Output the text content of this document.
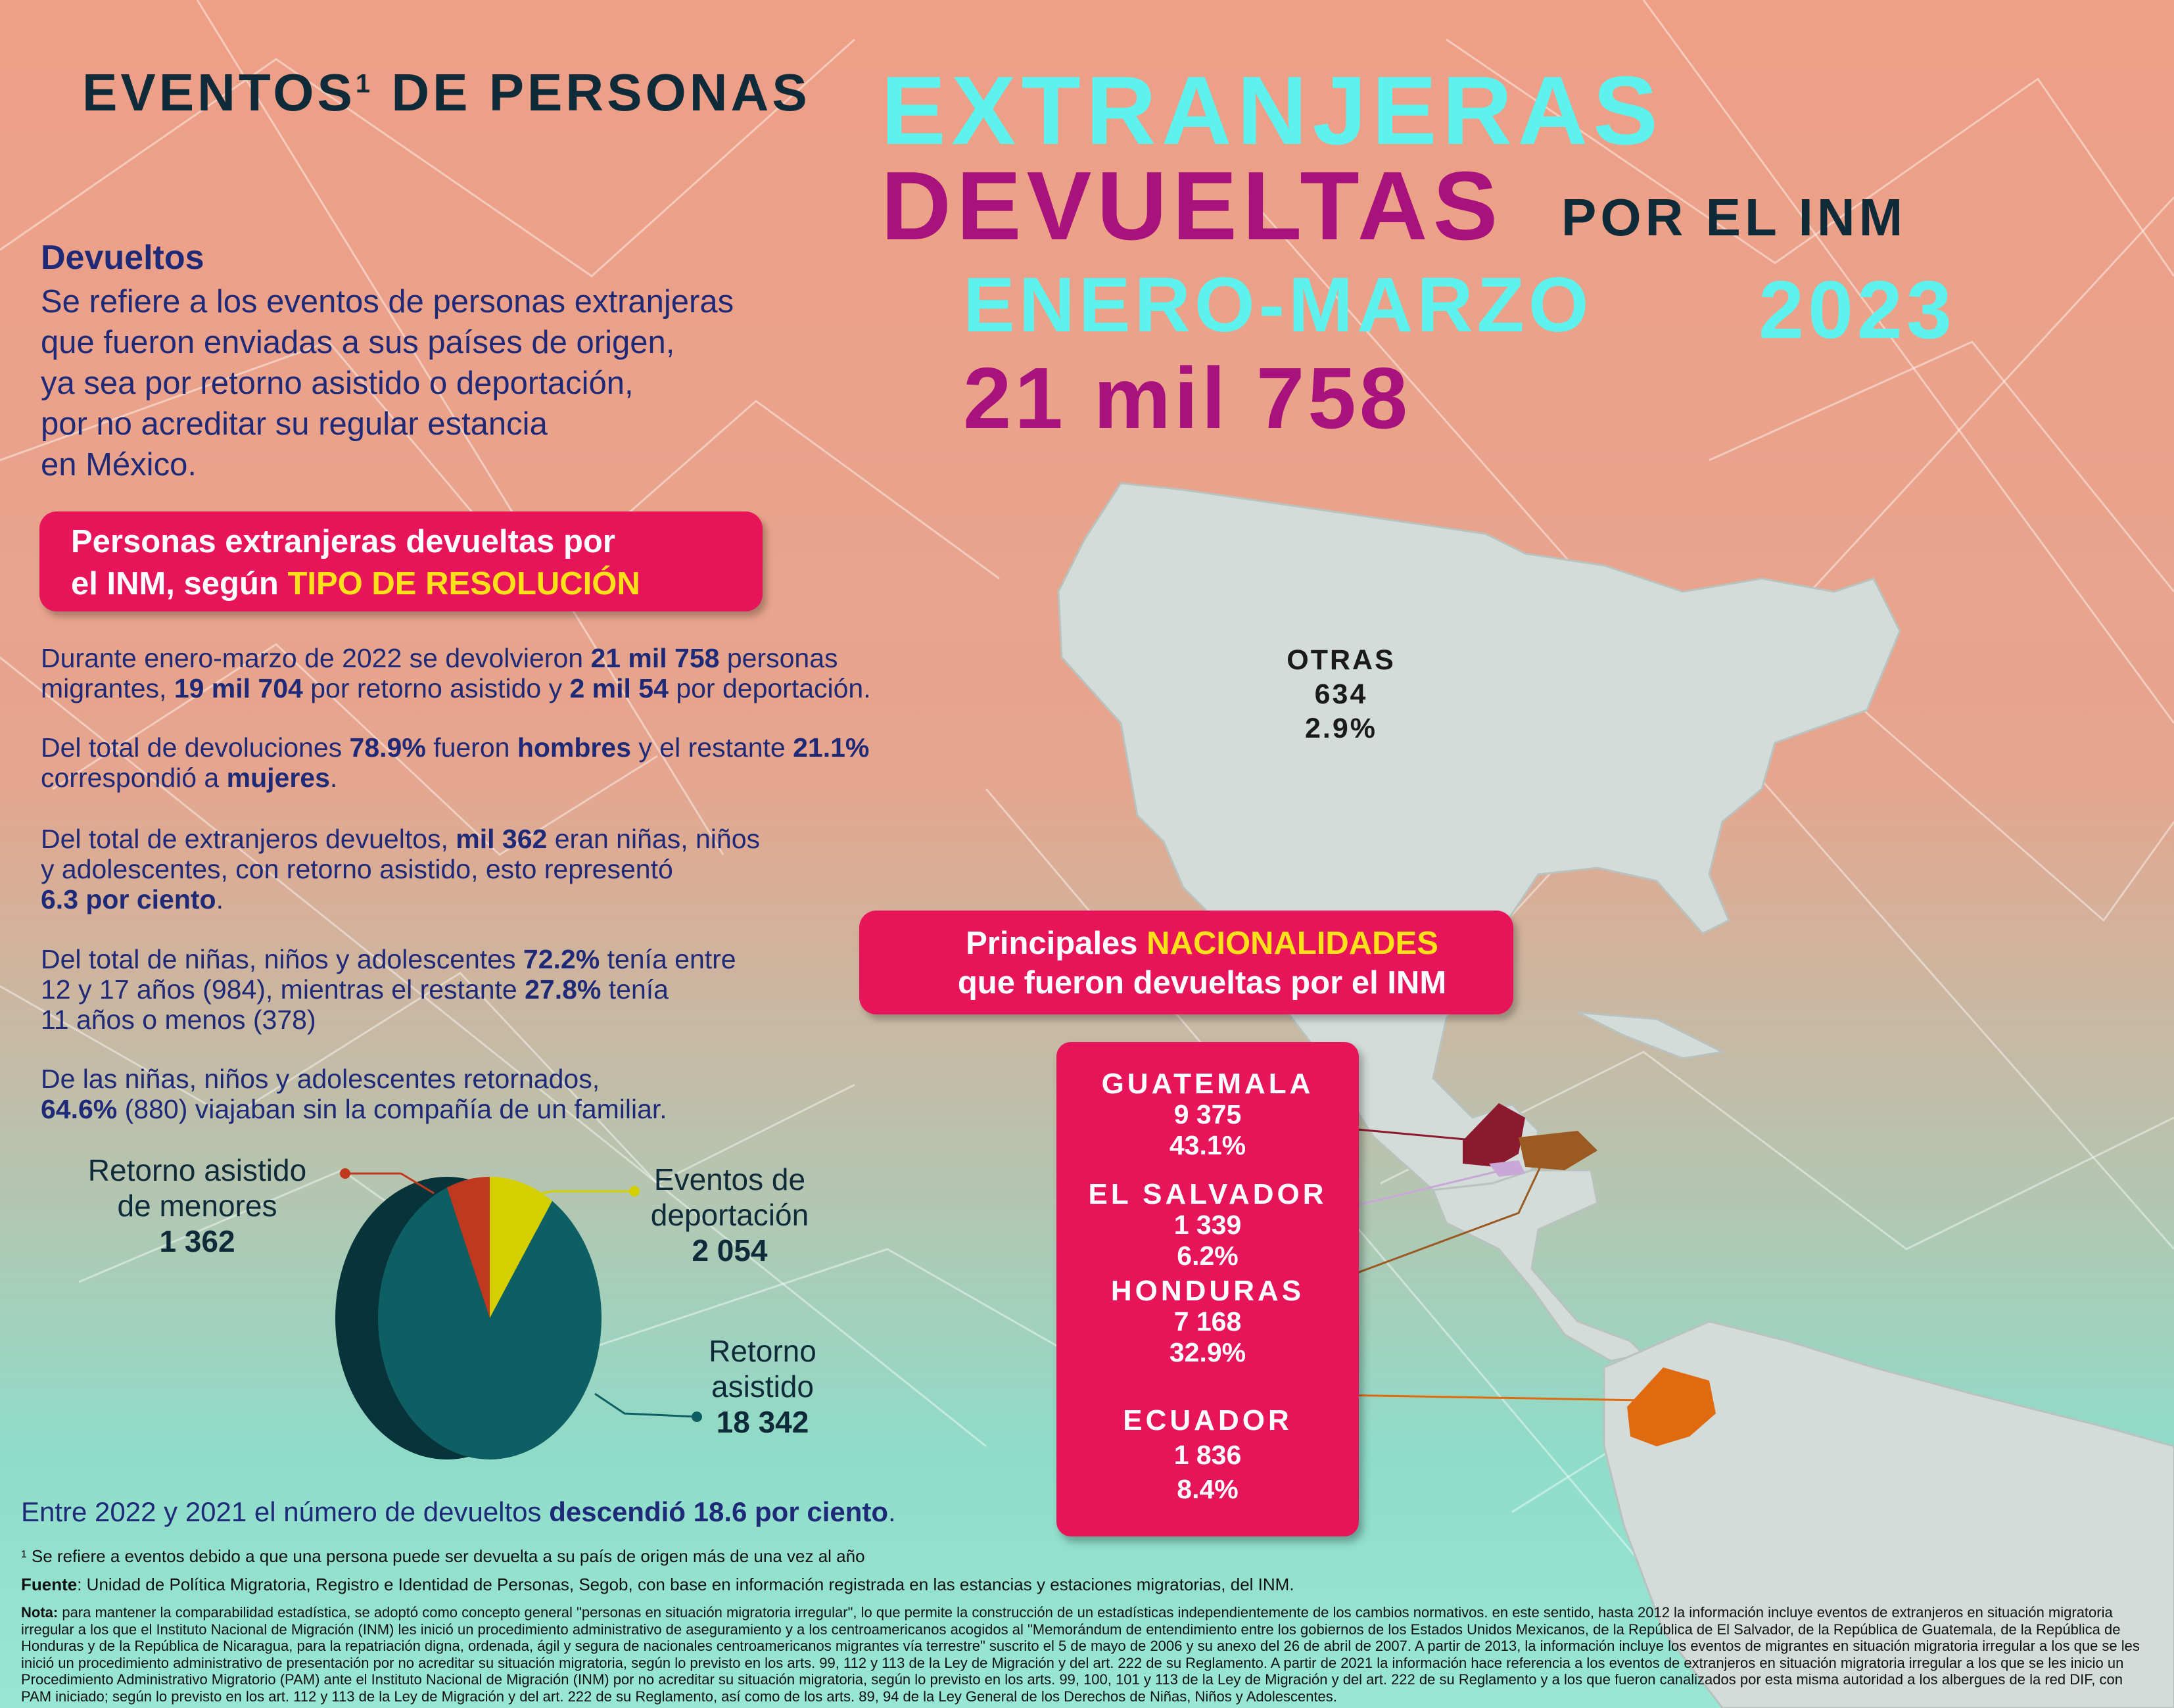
EVENTOS$^1$ DE PERSONAS EXTRANJERAS
DEVUELTAS POR EL INM
ENERO-MARZO 2023
21 mil 758
Devueltos
Se refiere a los eventos de personas extranjeras
que fueron enviadas a sus países de origen,
ya sea por retorno asistido o deportación,
por no acreditar su regular estancia
en México.
Personas extranjeras devueltas por
el INM, según TIPO DE RESOLUCIÓN
Durante enero-marzo de 2022 se devolvieron 21 mil 758 personas
migrantes, 19 mil 704 por retorno asistido y 2 mil 54 por deportación.
Del total de devoluciones 78.9% fueron hombres y el restante 21.1%
correspondió a mujeres.
Del total de extranjeros devueltos, mil 362 eran niñas, niños
y adolescentes, con retorno asistido, esto representó
6.3 por ciento.
Del total de niñas, niños y adolescentes 72.2% tenía entre
12 y 17 años (984), mientras el restante 27.8% tenía
11 años o menos (378)
De las niñas, niños y adolescentes retornados,
64.6% (880) viajaban sin la compañía de un familiar.
Retorno asistido
de menores
1 362
Eventos de
deportación
2 054
Retorno
asistido
18 342
OTRAS
634
2.9%
Principales NACIONALIDADES
que fueron devueltas por el INM
GUATEMALA
9 375
43.1%
EL SALVADOR
1 339
6.2%
HONDURAS
7 168
32.9%
ECUADOR
1 836
8.4%
Entre 2022 y 2021 el número de devueltos descendió 18.6 por ciento.
¹ Se refiere a eventos debido a que una persona puede ser devuelta a su país de origen más de una vez al año
Fuente: Unidad de Política Migratoria, Registro e Identidad de Personas, Segob, con base en información registrada en las estancias y estaciones migratorias, del INM.
Nota: para mantener la comparabilidad estadística, se adoptó como concepto general "personas en situación migratoria irregular", lo que permite la construcción de un estadísticas independientemente de los cambios normativos. en este sentido, hasta 2012 la información incluye eventos de extranjeros en situación migratoria irregular a los que el Instituto Nacional de Migración (INM) les inició un procedimiento administrativo de aseguramiento y a los centroamericanos acogidos al "Memorándum de entendimiento entre los gobiernos de los Estados Unidos Mexicanos, de la República de El Salvador, de la República de Guatemala, de la República de Honduras y de la República de Nicaragua, para la repatriación digna, ordenada, ágil y segura de nacionales centroamericanos migrantes vía terrestre" suscrito el 5 de mayo de 2006 y su anexo del 26 de abril de 2007. A partir de 2013, la información incluye los eventos de migrantes en situación migratoria irregular a los que se les inició un procedimiento administrativo de presentación por no acreditar su situación migratoria, según lo previsto en los arts. 99, 112 y 113 de la Ley de Migración y del art. 222 de su Reglamento. A partir de 2021 la información hace referencia a los eventos de extranjeros en situación migratoria irregular a los que se les inicio un Procedimiento Administrativo Migratorio (PAM) ante el Instituto Nacional de Migración (INM) por no acreditar su situación migratoria, según lo previsto en los arts. 99, 100, 101 y 113 de la Ley de Migración y del art. 222 de su Reglamento y a los que fueron canalizados por esta misma autoridad a los albergues de la red DIF, con PAM iniciado; según lo previsto en los art. 112 y 113 de la Ley de Migración y del art. 222 de su Reglamento, así como de los arts. 89, 94 de la Ley General de los Derechos de Niñas, Niños y Adolescentes.
